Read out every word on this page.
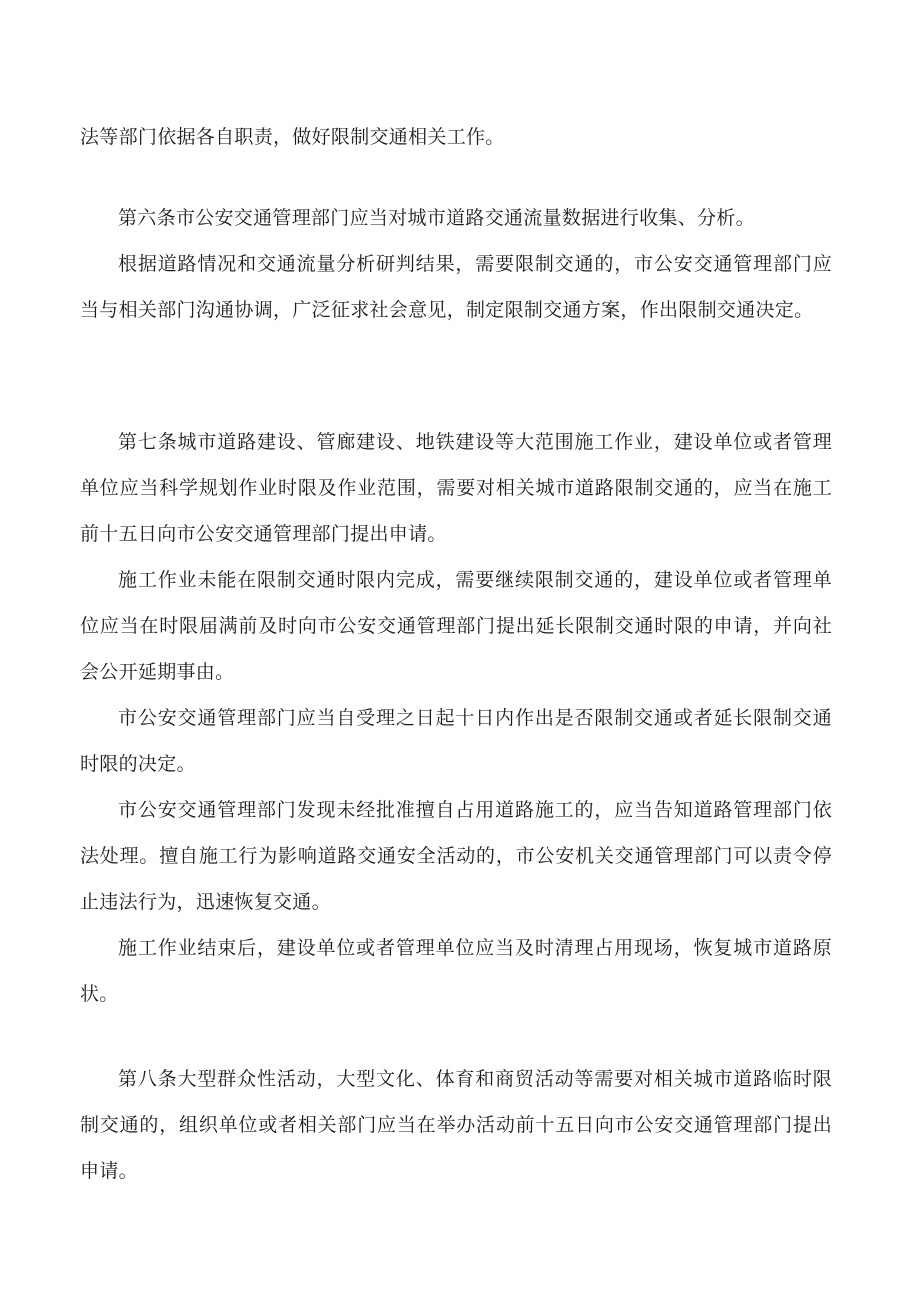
法等部门依据各自职责，做好限制交通相关工作。

第六条市公安交通管理部门应当对城市道路交通流量数据进行收集、分析。

根据道路情况和交通流量分析研判结果，需要限制交通的，市公安交通管理部门应当与相关部门沟通协调，广泛征求社会意见，制定限制交通方案，作出限制交通决定。

第七条城市道路建设、管廊建设、地铁建设等大范围施工作业，建设单位或者管理单位应当科学规划作业时限及作业范围，需要对相关城市道路限制交通的，应当在施工前十五日向市公安交通管理部门提出申请。

施工作业未能在限制交通时限内完成，需要继续限制交通的，建设单位或者管理单位应当在时限届满前及时向市公安交通管理部门提出延长限制交通时限的申请，并向社会公开延期事由。

市公安交通管理部门应当自受理之日起十日内作出是否限制交通或者延长限制交通时限的决定。

市公安交通管理部门发现未经批准擅自占用道路施工的，应当告知道路管理部门依法处理。擅自施工行为影响道路交通安全活动的，市公安机关交通管理部门可以责令停止违法行为，迅速恢复交通。

施工作业结束后，建设单位或者管理单位应当及时清理占用现场，恢复城市道路原状。

第八条大型群众性活动，大型文化、体育和商贸活动等需要对相关城市道路临时限制交通的，组织单位或者相关部门应当在举办活动前十五日向市公安交通管理部门提出申请。
